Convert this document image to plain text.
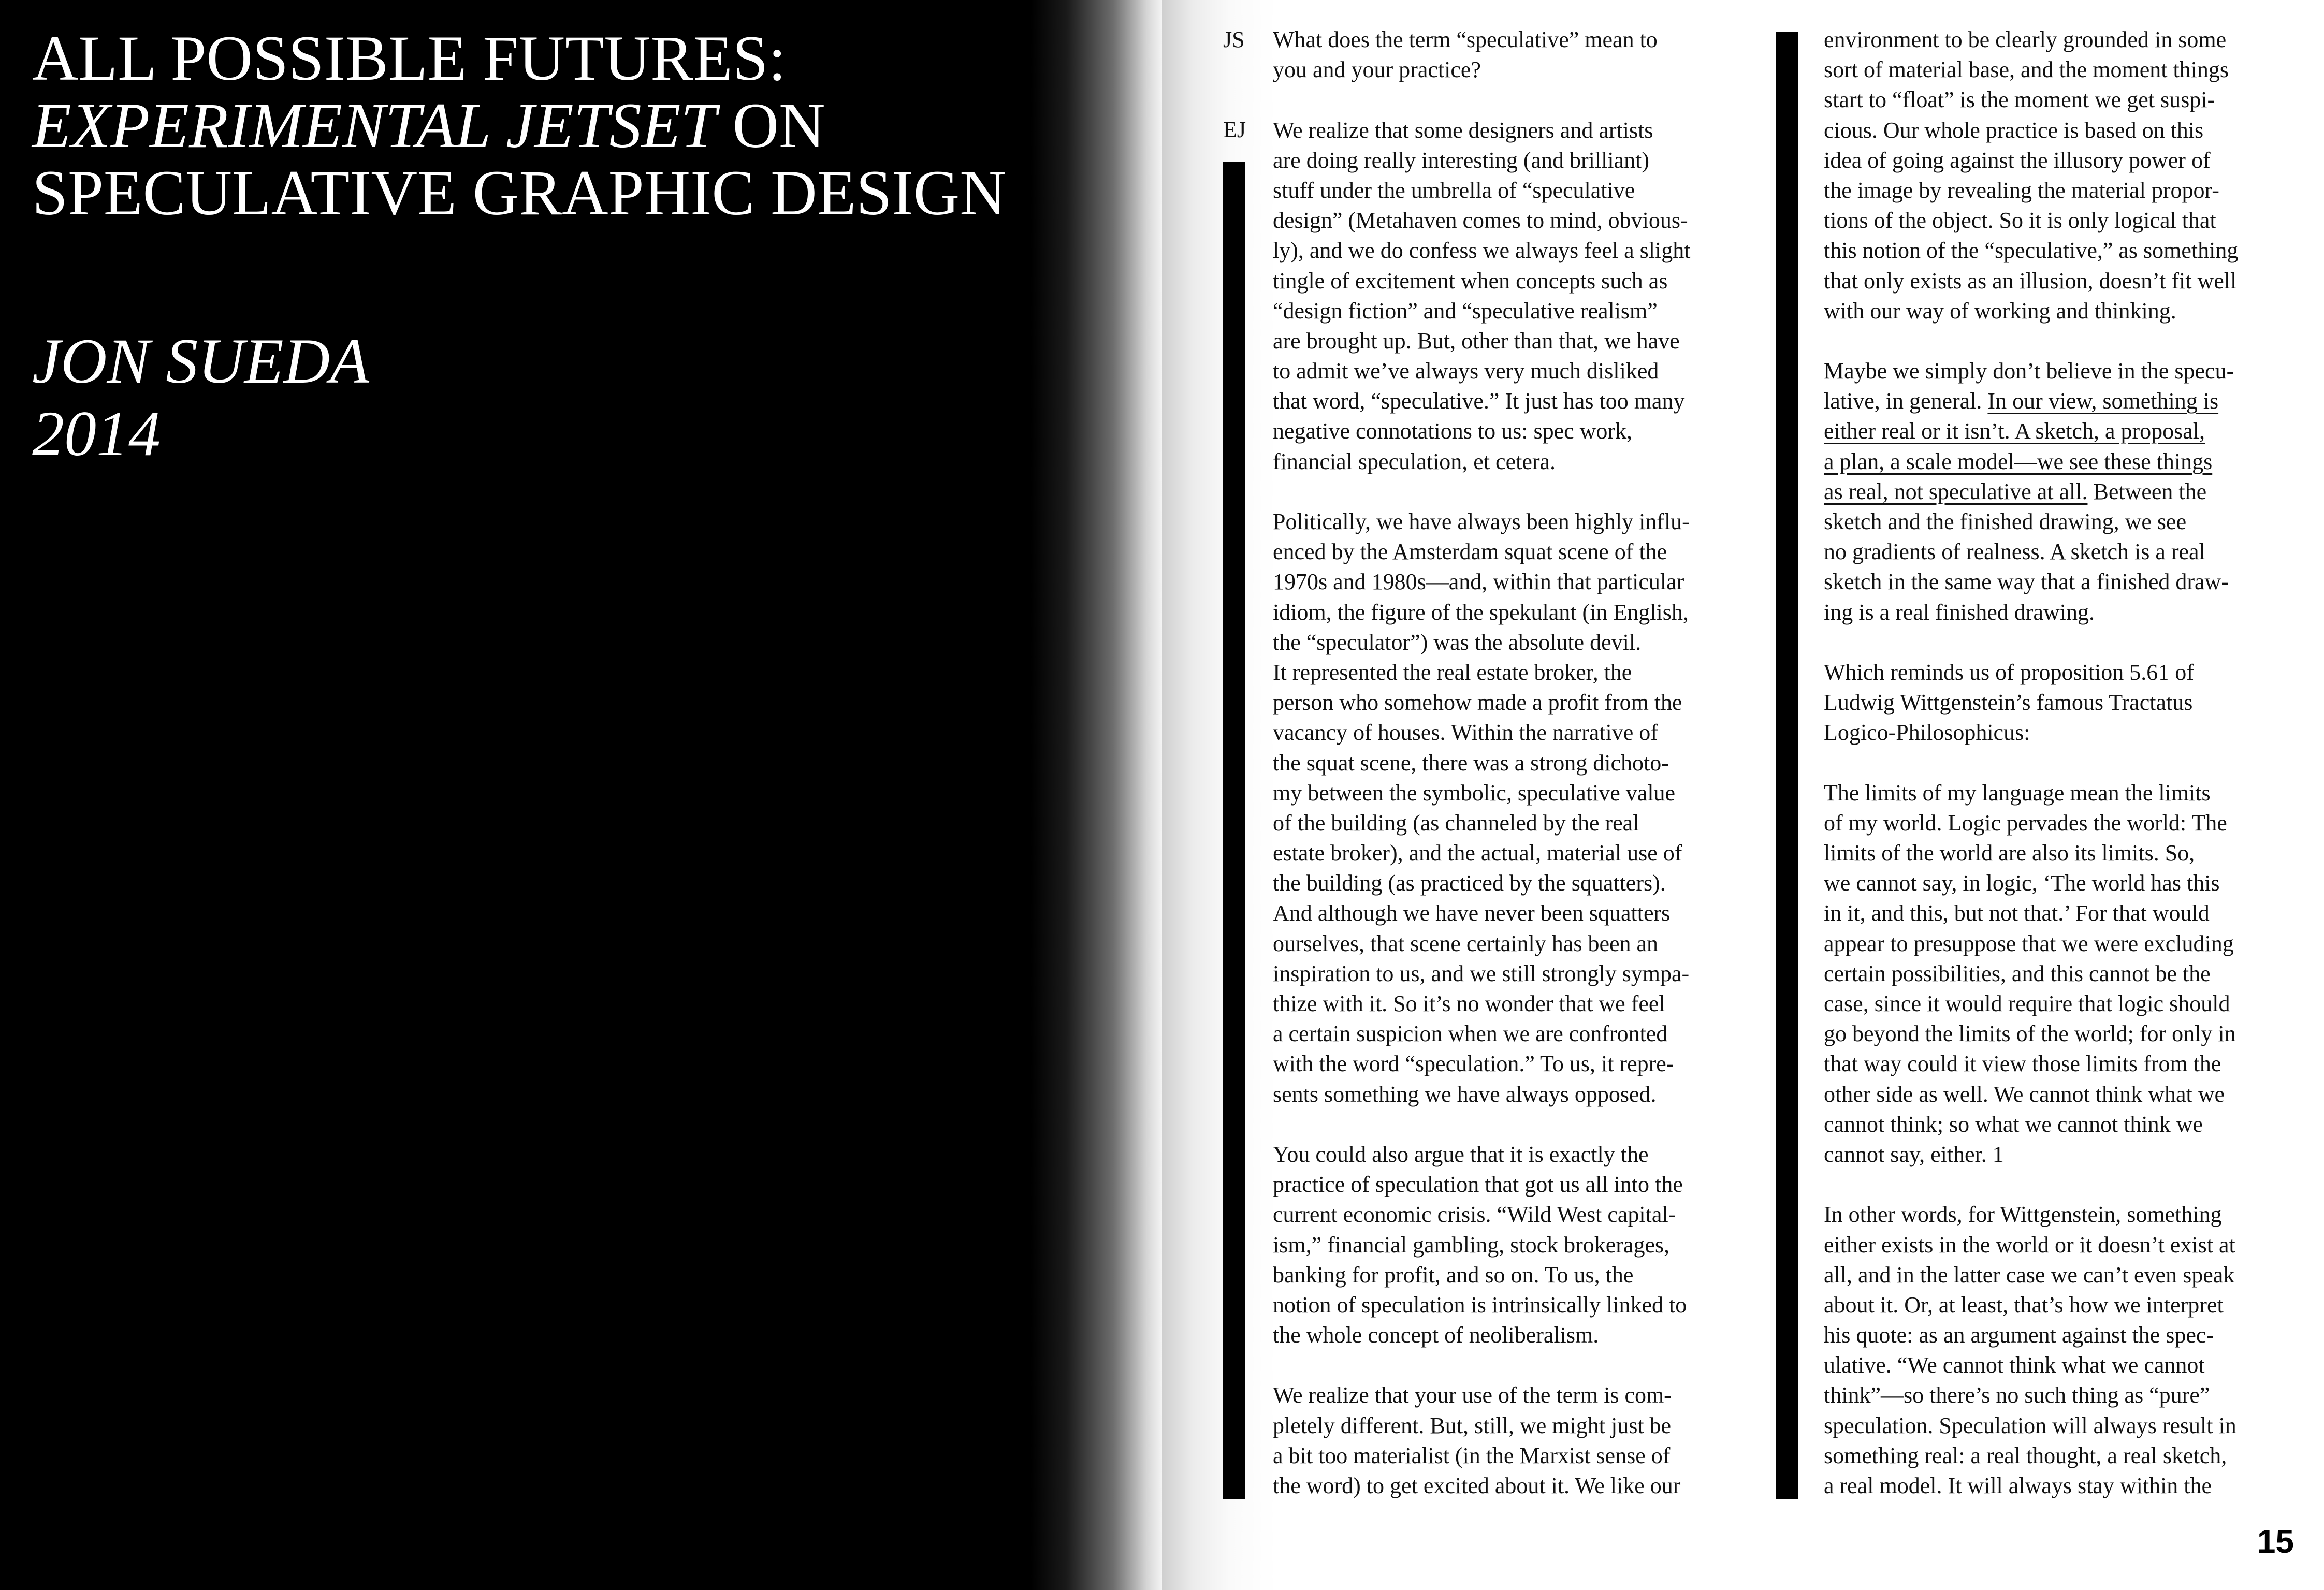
ALL POSSIBLE FUTURES:
EXPERIMENTAL JETSET ON
SPECULATIVE GRAPHIC DESIGN
JON SUEDA
2014
JS
EJ
What does the term “speculative” mean to
you and your practice?
We realize that some designers and artists
are doing really interesting (and brilliant)
stuff under the umbrella of “speculative
design” (Metahaven comes to mind, obvious-
ly), and we do confess we always feel a slight
tingle of excitement when concepts such as
“design fiction” and “speculative realism”
are brought up. But, other than that, we have
to admit we’ve always very much disliked
that word, “speculative.” It just has too many
negative connotations to us: spec work,
financial speculation, et cetera.
Politically, we have always been highly influ-
enced by the Amsterdam squat scene of the
1970s and 1980s—and, within that particular
idiom, the figure of the spekulant (in English,
the “speculator”) was the absolute devil.
It represented the real estate broker, the
person who somehow made a profit from the
vacancy of houses. Within the narrative of
the squat scene, there was a strong dichoto-
my between the symbolic, speculative value
of the building (as channeled by the real
estate broker), and the actual, material use of
the building (as practiced by the squatters).
And although we have never been squatters
ourselves, that scene certainly has been an
inspiration to us, and we still strongly sympa-
thize with it. So it’s no wonder that we feel
a certain suspicion when we are confronted
with the word “speculation.” To us, it repre-
sents something we have always opposed.
You could also argue that it is exactly the
practice of speculation that got us all into the
current economic crisis. “Wild West capital-
ism,” financial gambling, stock brokerages,
banking for profit, and so on. To us, the
notion of speculation is intrinsically linked to
the whole concept of neoliberalism.
We realize that your use of the term is com-
pletely different. But, still, we might just be
a bit too materialist (in the Marxist sense of
the word) to get excited about it. We like our
environment to be clearly grounded in some
sort of material base, and the moment things
start to “float” is the moment we get suspi-
cious. Our whole practice is based on this
idea of going against the illusory power of
the image by revealing the material propor-
tions of the object. So it is only logical that
this notion of the “speculative,” as something
that only exists as an illusion, doesn’t fit well
with our way of working and thinking.
Maybe we simply don’t believe in the specu-
lative, in general. In our view, something is
either real or it isn’t. A sketch, a proposal,
a plan, a scale model—we see these things
as real, not speculative at all. Between the
sketch and the finished drawing, we see
no gradients of realness. A sketch is a real
sketch in the same way that a finished draw-
ing is a real finished drawing.
Which reminds us of proposition 5.61 of
Ludwig Wittgenstein’s famous Tractatus
Logico-Philosophicus:
The limits of my language mean the limits
of my world. Logic pervades the world: The
limits of the world are also its limits. So,
we cannot say, in logic, ‘The world has this
in it, and this, but not that.’ For that would
appear to presuppose that we were excluding
certain possibilities, and this cannot be the
case, since it would require that logic should
go beyond the limits of the world; for only in
that way could it view those limits from the
other side as well. We cannot think what we
cannot think; so what we cannot think we
cannot say, either. 1
In other words, for Wittgenstein, something
either exists in the world or it doesn’t exist at
all, and in the latter case we can’t even speak
about it. Or, at least, that’s how we interpret
his quote: as an argument against the spec-
ulative. “We cannot think what we cannot
think”—so there’s no such thing as “pure”
speculation. Speculation will always result in
something real: a real thought, a real sketch,
a real model. It will always stay within the
15
